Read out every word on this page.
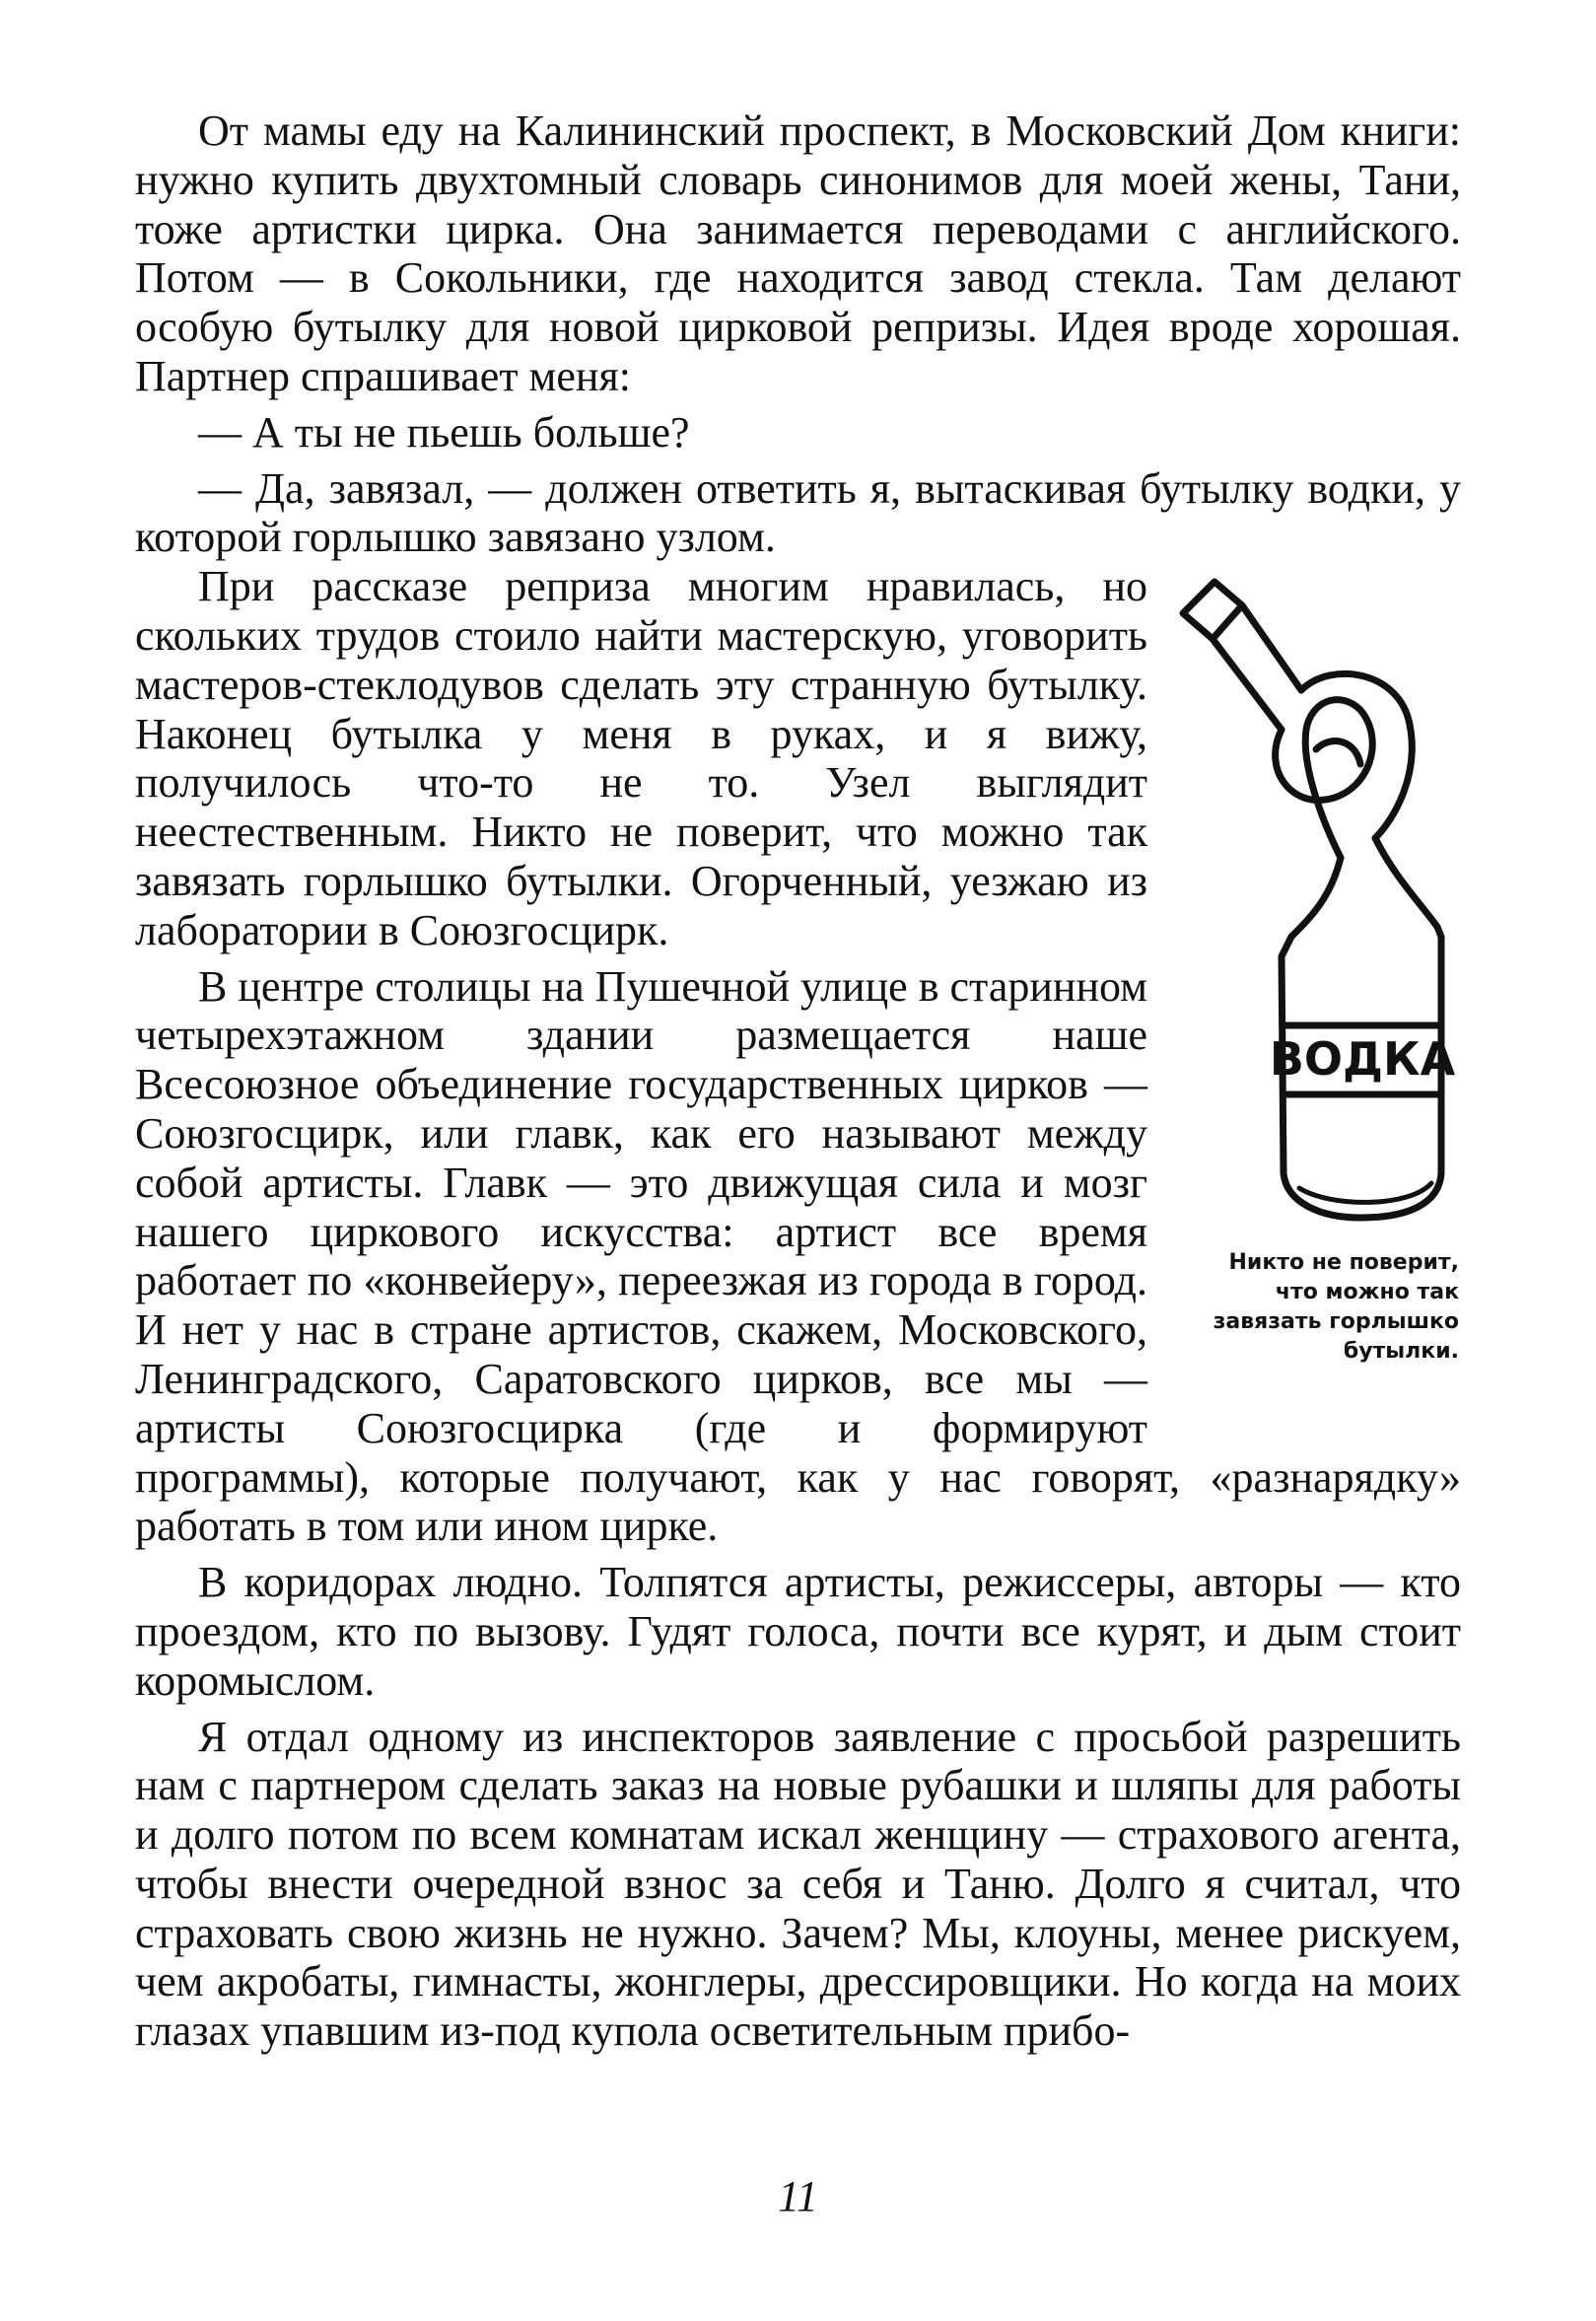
От мамы еду на Калининский проспект, в Московский Дом книги: нужно купить двухтомный словарь синонимов для моей жены, Тани, тоже артистки цирка. Она занимается переводами с английского. Потом — в Сокольники, где находится завод стекла. Там делают особую бутылку для новой цирковой репризы. Идея вроде хорошая. Партнер спрашивает меня:

— А ты не пьешь больше?

— Да, завязал, — должен ответить я, вытаскивая бутылку водки, у которой горлышко завязано узлом.

ВОДКА
Никто не поверит,
что можно так
завязать горлышко
бутылки.

При рассказе реприза многим нравилась, но скольких трудов стоило найти мастерскую, уговорить мастеров-стеклодувов сделать эту странную бутылку. Наконец бутылка у меня в руках, и я вижу, получилось что-то не то. Узел выглядит неестественным. Никто не поверит, что можно так завязать горлышко бутылки. Огорченный, уезжаю из лаборатории в Союзгосцирк.

В центре столицы на Пушечной улице в старинном четырехэтажном здании размещается наше Всесоюзное объединение государственных цирков — Союзгосцирк, или главк, как его называют между собой артисты. Главк — это движущая сила и мозг нашего циркового искусства: артист все время работает по «конвейеру», переезжая из города в город. И нет у нас в стране артистов, скажем, Московского, Ленинградского, Саратовского цирков, все мы — артисты Союзгосцирка (где и формируют программы), которые получают, как у нас говорят, «разнарядку» работать в том или ином цирке.

В коридорах людно. Толпятся артисты, режиссеры, авторы — кто проездом, кто по вызову. Гудят голоса, почти все курят, и дым стоит коромыслом.

Я отдал одному из инспекторов заявление с просьбой разрешить нам с партнером сделать заказ на новые рубашки и шляпы для работы и долго потом по всем комнатам искал женщину — страхового агента, чтобы внести очередной взнос за себя и Таню. Долго я считал, что страховать свою жизнь не нужно. Зачем? Мы, клоуны, менее рискуем, чем акробаты, гимнасты, жонглеры, дрессировщики. Но когда на моих глазах упавшим из-под купола осветительным прибо-

11
